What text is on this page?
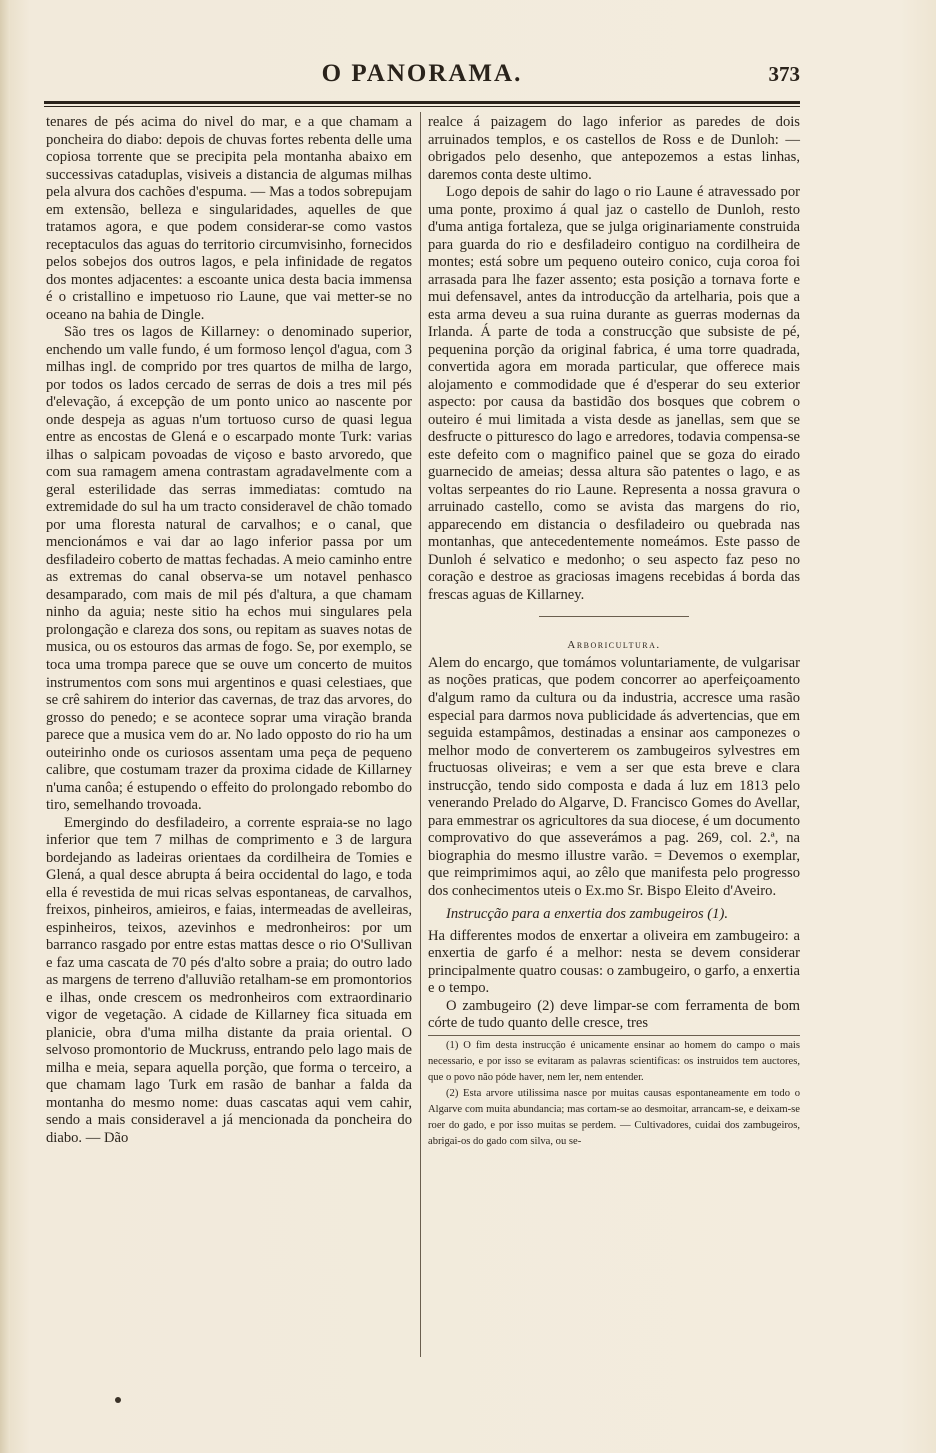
O PANORAMA.	373

tenares de pés acima do nivel do mar, e a que chamam a poncheira do diabo: depois de chuvas fortes rebenta delle uma copiosa torrente que se precipita pela montanha abaixo em successivas cataduplas, visiveis a distancia de algumas milhas pela alvura dos cachões d'espuma. — Mas a todos sobrepujam em extensão, belleza e singularidades, aquelles de que tratamos agora, e que podem considerar-se como vastos receptaculos das aguas do territorio circumvisinho, fornecidos pelos sobejos dos outros lagos, e pela infinidade de regatos dos montes adjacentes: a escoante unica desta bacia immensa é o cristallino e impetuoso rio Laune, que vai metter-se no oceano na bahia de Dingle.

São tres os lagos de Killarney: o denominado superior, enchendo um valle fundo, é um formoso lençol d'agua, com 3 milhas ingl. de comprido por tres quartos de milha de largo, por todos os lados cercado de serras de dois a tres mil pés d'elevação, á excepção de um ponto unico ao nascente por onde despeja as aguas n'um tortuoso curso de quasi legua entre as encostas de Glená e o escarpado monte Turk: varias ilhas o salpicam povoadas de viçoso e basto arvoredo, que com sua ramagem amena contrastam agradavelmente com a geral esterilidade das serras immediatas: comtudo na extremidade do sul ha um tracto consideravel de chão tomado por uma floresta natural de carvalhos; e o canal, que mencionámos e vai dar ao lago inferior passa por um desfiladeiro coberto de mattas fechadas. A meio caminho entre as extremas do canal observa-se um notavel penhasco desamparado, com mais de mil pés d'altura, a que chamam ninho da aguia; neste sitio ha echos mui singulares pela prolongação e clareza dos sons, ou repitam as suaves notas de musica, ou os estouros das armas de fogo. Se, por exemplo, se toca uma trompa parece que se ouve um concerto de muitos instrumentos com sons mui argentinos e quasi celestiaes, que se crê sahirem do interior das cavernas, de traz das arvores, do grosso do penedo; e se acontece soprar uma viração branda parece que a musica vem do ar. No lado opposto do rio ha um outeirinho onde os curiosos assentam uma peça de pequeno calibre, que costumam trazer da proxima cidade de Killarney n'uma canôa; é estupendo o effeito do prolongado rebombo do tiro, semelhando trovoada.

Emergindo do desfiladeiro, a corrente espraia-se no lago inferior que tem 7 milhas de comprimento e 3 de largura bordejando as ladeiras orientaes da cordilheira de Tomies e Glená, a qual desce abrupta á beira occidental do lago, e toda ella é revestida de mui ricas selvas espontaneas, de carvalhos, freixos, pinheiros, amieiros, e faias, intermeadas de avelleiras, espinheiros, teixos, azevinhos e medronheiros: por um barranco rasgado por entre estas mattas desce o rio O'Sullivan e faz uma cascata de 70 pés d'alto sobre a praia; do outro lado as margens de terreno d'alluvião retalham-se em promontorios e ilhas, onde crescem os medronheiros com extraordinario vigor de vegetação. A cidade de Killarney fica situada em planicie, obra d'uma milha distante da praia oriental. O selvoso promontorio de Muckruss, entrando pelo lago mais de milha e meia, separa aquella porção, que forma o terceiro, a que chamam lago Turk em rasão de banhar a falda da montanha do mesmo nome: duas cascatas aqui vem cahir, sendo a mais consideravel a já mencionada da poncheira do diabo. — Dão

realce á paizagem do lago inferior as paredes de dois arruinados templos, e os castellos de Ross e de Dunloh: — obrigados pelo desenho, que antepozemos a estas linhas, daremos conta deste ultimo.

Logo depois de sahir do lago o rio Laune é atravessado por uma ponte, proximo á qual jaz o castello de Dunloh, resto d'uma antiga fortaleza, que se julga originariamente construida para guarda do rio e desfiladeiro contiguo na cordilheira de montes; está sobre um pequeno outeiro conico, cuja coroa foi arrasada para lhe fazer assento; esta posição a tornava forte e mui defensavel, antes da introducção da artelharia, pois que a esta arma deveu a sua ruina durante as guerras modernas da Irlanda. Á parte de toda a construcção que subsiste de pé, pequenina porção da original fabrica, é uma torre quadrada, convertida agora em morada particular, que offerece mais alojamento e commodidade que é d'esperar do seu exterior aspecto: por causa da bastidão dos bosques que cobrem o outeiro é mui limitada a vista desde as janellas, sem que se desfructe o pitturesco do lago e arredores, todavia compensa-se este defeito com o magnifico painel que se goza do eirado guarnecido de ameias; dessa altura são patentes o lago, e as voltas serpeantes do rio Laune. Representa a nossa gravura o arruinado castello, como se avista das margens do rio, apparecendo em distancia o desfiladeiro ou quebrada nas montanhas, que antecedentemente nomeámos. Este passo de Dunloh é selvatico e medonho; o seu aspecto faz peso no coração e destroe as graciosas imagens recebidas á borda das frescas aguas de Killarney.

Arboricultura.

Alem do encargo, que tomámos voluntariamente, de vulgarisar as noções praticas, que podem concorrer ao aperfeiçoamento d'algum ramo da cultura ou da industria, accresce uma rasão especial para darmos nova publicidade ás advertencias, que em seguida estampâmos, destinadas a ensinar aos camponezes o melhor modo de converterem os zambugeiros sylvestres em fructuosas oliveiras; e vem a ser que esta breve e clara instrucção, tendo sido composta e dada á luz em 1813 pelo venerando Prelado do Algarve, D. Francisco Gomes do Avellar, para emmestrar os agricultores da sua diocese, é um documento comprovativo do que asseverámos a pag. 269, col. 2.ª, na biographia do mesmo illustre varão. = Devemos o exemplar, que reimprimimos aqui, ao zêlo que manifesta pelo progresso dos conhecimentos uteis o Ex.mo Sr. Bispo Eleito d'Aveiro.

Instrucção para a enxertia dos zambugeiros (1).

Ha differentes modos de enxertar a oliveira em zambugeiro: a enxertia de garfo é a melhor: nesta se devem considerar principalmente quatro cousas: o zambugeiro, o garfo, a enxertia e o tempo.

O zambugeiro (2) deve limpar-se com ferramenta de bom córte de tudo quanto delle cresce, tres

(1) O fim desta instrucção é unicamente ensinar ao homem do campo o mais necessario, e por isso se evitaram as palavras scientificas: os instruidos tem auctores, que o povo não póde haver, nem ler, nem entender.

(2) Esta arvore utilissima nasce por muitas causas espontaneamente em todo o Algarve com muita abundancia; mas cortam-se ao desmoitar, arrancam-se, e deixam-se roer do gado, e por isso muitas se perdem. — Cultivadores, cuidai dos zambugeiros, abrigai-os do gado com silva, ou se-
